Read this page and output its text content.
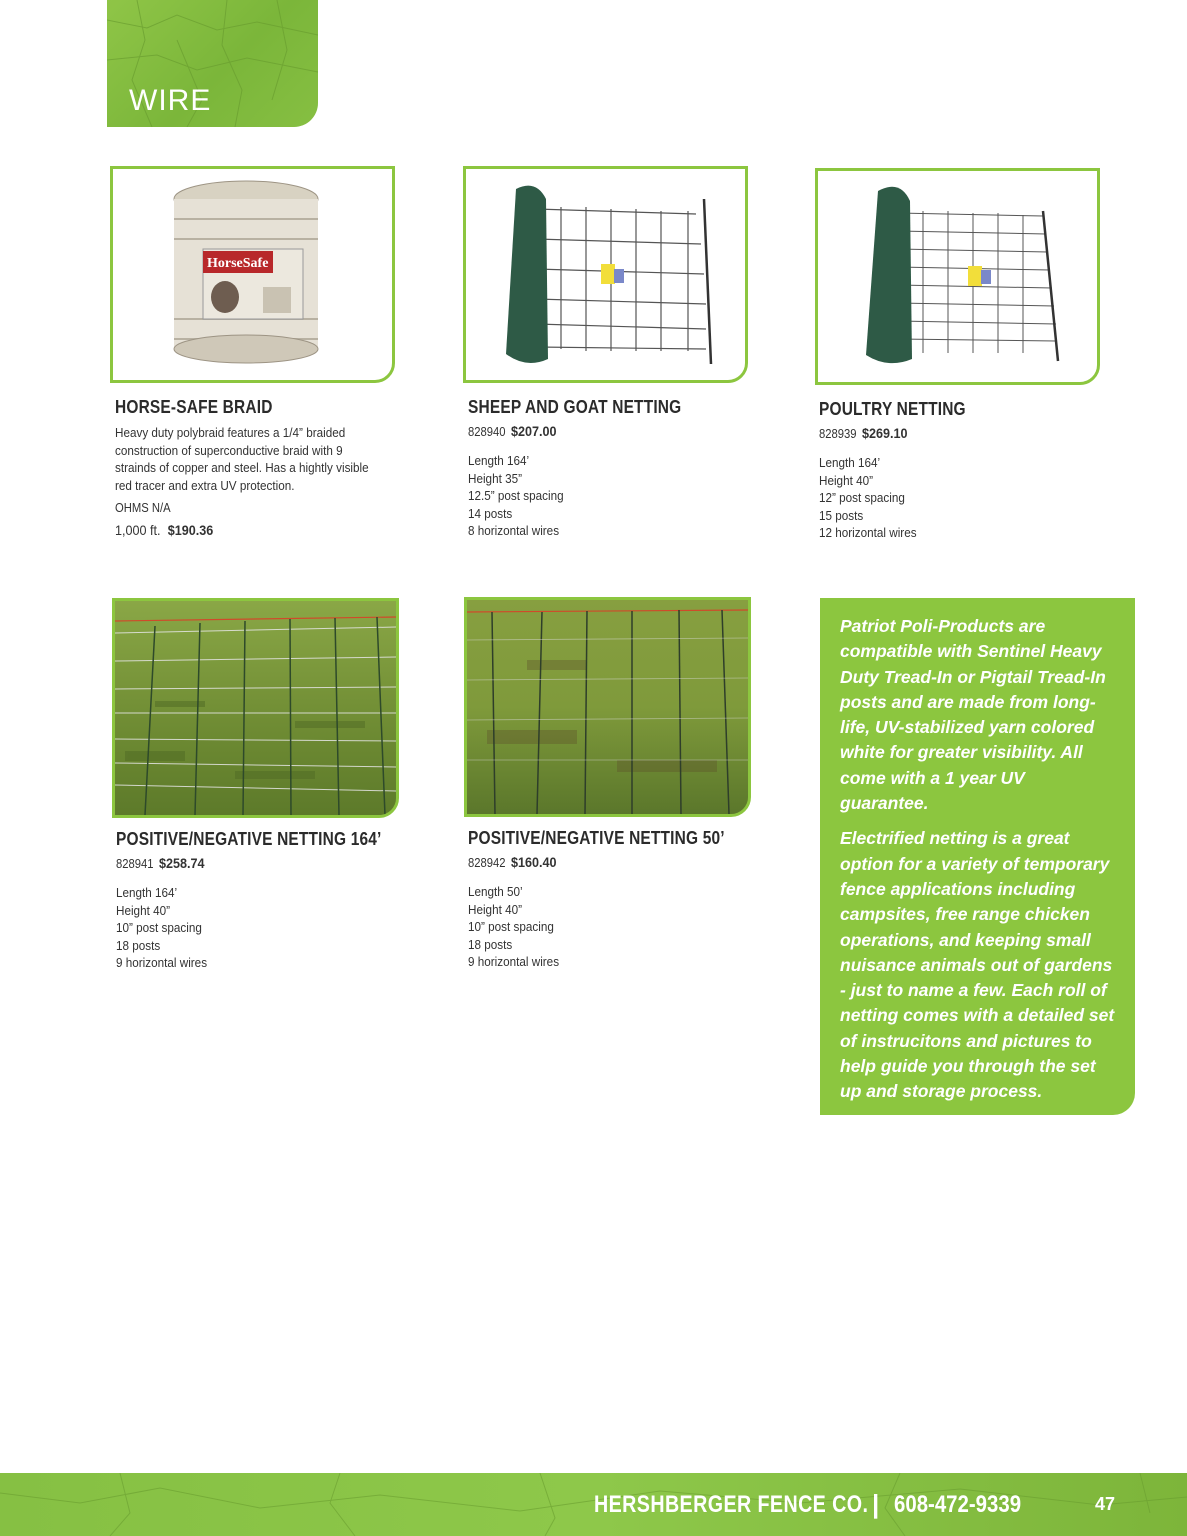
WIRE
HorseSafe
HORSE-SAFE BRAID
Heavy duty polybraid features a 1/4” braided construction of superconductive braid with 9 strainds of copper and steel. Has a hightly visible red tracer and extra UV protection.
OHMS N/A
1,000 ft. $190.36
SHEEP AND GOAT NETTING
828940 $207.00
Length 164’
Height 35”
12.5” post spacing
14 posts
8 horizontal wires
POULTRY NETTING
828939 $269.10
Length 164’
Height 40”
12” post spacing
15 posts
12 horizontal wires
POSITIVE/NEGATIVE NETTING 164’
828941 $258.74
Length 164’
Height 40”
10” post spacing
18 posts
9 horizontal wires
POSITIVE/NEGATIVE NETTING 50’
828942 $160.40
Length 50’
Height 40”
10” post spacing
18 posts
9 horizontal wires

Patriot Poli-Products are compatible with Sentinel Heavy Duty Tread-In or Pigtail Tread-In posts and are made from long-life, UV-stabilized yarn colored white for greater visibility. All come with a 1 year UV guarantee.

Electrified netting is a great option for a variety of temporary fence applications including campsites, free range chicken operations, and keeping small nuisance animals out of gardens - just to name a few. Each roll of netting comes with a detailed set of instrucitons and pictures to help guide you through the set up and storage process.

HERSHBERGER FENCE CO. | 608-472-9339	47
